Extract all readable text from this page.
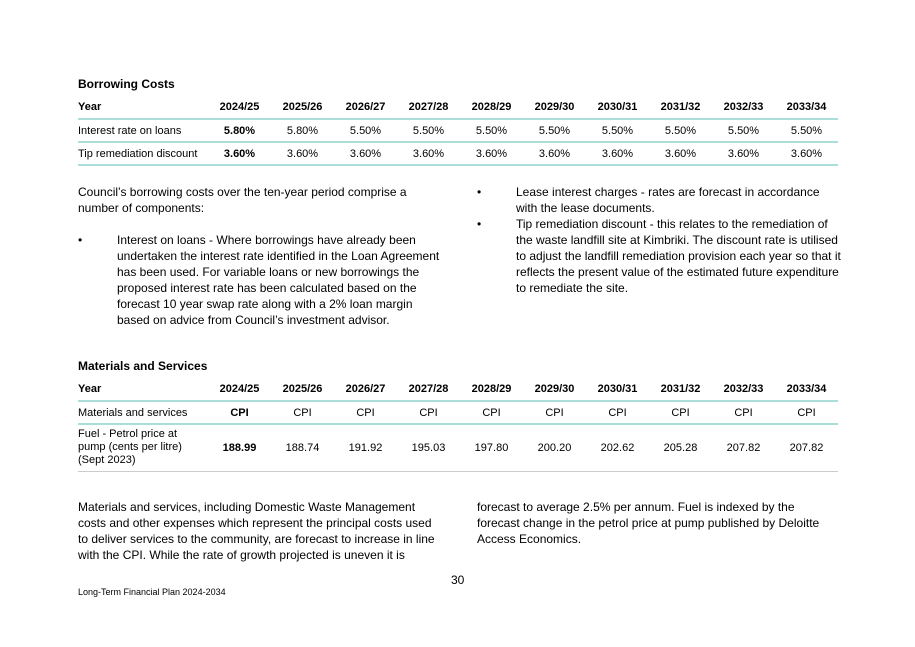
Borrowing Costs
Year	2024/25	2025/26	2026/27	2027/28	2028/29	2029/30	2030/31	2031/32	2032/33	2033/34
Interest rate on loans	5.80%	5.80%	5.50%	5.50%	5.50%	5.50%	5.50%	5.50%	5.50%	5.50%
Tip remediation discount	3.60%	3.60%	3.60%	3.60%	3.60%	3.60%	3.60%	3.60%	3.60%	3.60%
Council’s borrowing costs over the ten-year period comprise a number of components:
•	Interest on loans - Where borrowings have already been undertaken the interest rate identified in the Loan Agreement has been used. For variable loans or new borrowings the proposed interest rate has been calculated based on the forecast 10 year swap rate along with a 2% loan margin based on advice from Council’s investment advisor.
•	Lease interest charges - rates are forecast in accordance with the lease documents.
•	Tip remediation discount - this relates to the remediation of the waste landfill site at Kimbriki. The discount rate is utilised to adjust the landfill remediation provision each year so that it reflects the present value of the estimated future expenditure to remediate the site.
Materials and Services
Year	2024/25	2025/26	2026/27	2027/28	2028/29	2029/30	2030/31	2031/32	2032/33	2033/34
Materials and services	CPI	CPI	CPI	CPI	CPI	CPI	CPI	CPI	CPI	CPI
Fuel - Petrol price at pump (cents per litre) (Sept 2023)	188.99	188.74	191.92	195.03	197.80	200.20	202.62	205.28	207.82	207.82
Materials and services, including Domestic Waste Management costs and other expenses which represent the principal costs used to deliver services to the community, are forecast to increase in line with the CPI. While the rate of growth projected is uneven it is
forecast to average 2.5% per annum. Fuel is indexed by the forecast change in the petrol price at pump published by Deloitte Access Economics.
30
Long-Term Financial Plan 2024-2034
